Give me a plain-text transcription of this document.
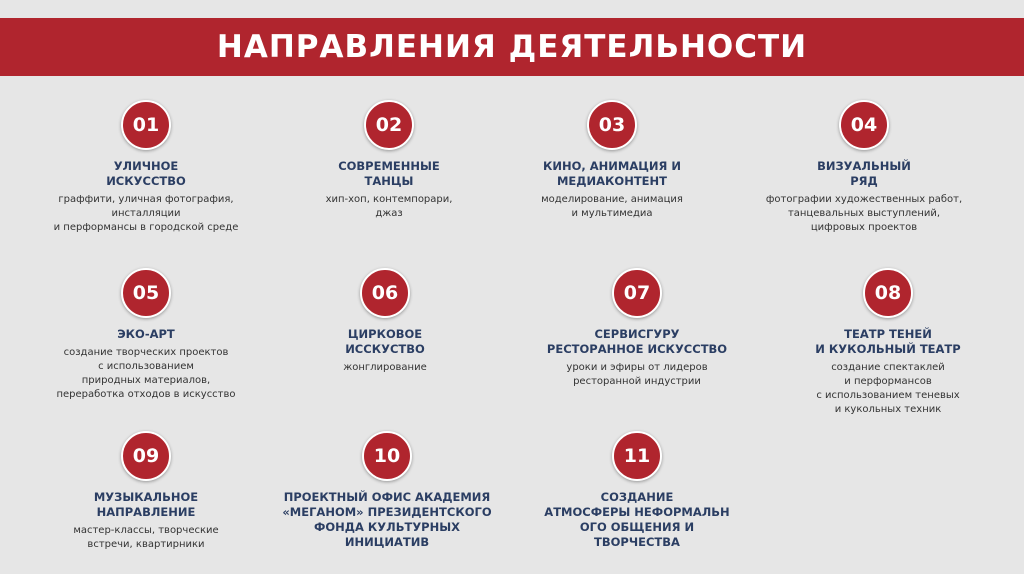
НАПРАВЛЕНИЯ ДЕЯТЕЛЬНОСТИ
01
УЛИЧНОЕ
ИСКУССТВО
граффити, уличная фотография,
инсталляции
и перформансы в городской среде
02
СОВРЕМЕННЫЕ
ТАНЦЫ
хип-хоп, контемпорари,
джаз
03
КИНО, АНИМАЦИЯ И
МЕДИАКОНТЕНТ
моделирование, анимация
и мультимедиа
04
ВИЗУАЛЬНЫЙ
РЯД
фотографии художественных работ,
танцевальных выступлений,
цифровых проектов
05
ЭКО-АРТ
создание творческих проектов
с использованием
природных материалов,
переработка отходов в искусство
06
ЦИРКОВОЕ
ИССКУСТВО
жонглирование
07
СЕРВИСГУРУ
РЕСТОРАННОЕ ИСКУССТВО
уроки и эфиры от лидеров
ресторанной индустрии
08
ТЕАТР ТЕНЕЙ
И КУКОЛЬНЫЙ ТЕАТР
создание спектаклей
и перформансов
с использованием теневых
и кукольных техник
09
МУЗЫКАЛЬНОЕ
НАПРАВЛЕНИЕ
мастер-классы, творческие
встречи, квартирники
10
ПРОЕКТНЫЙ ОФИС АКАДЕМИЯ
«МЕГАНОМ» ПРЕЗИДЕНТСКОГО
ФОНДА КУЛЬТУРНЫХ
ИНИЦИАТИВ
11
СОЗДАНИЕ
АТМОСФЕРЫ НЕФОРМАЛЬН
ОГО ОБЩЕНИЯ И
ТВОРЧЕСТВА
